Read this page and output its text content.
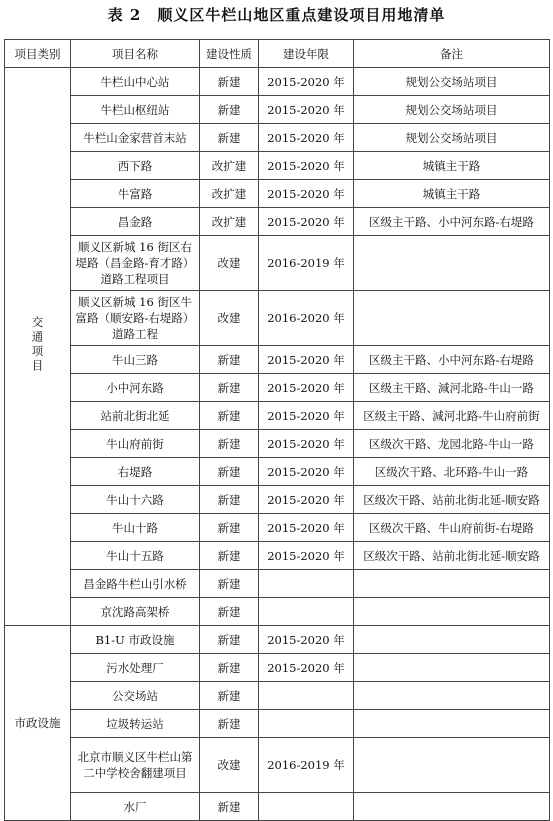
表 2　顺义区牛栏山地区重点建设项目用地清单
项目类别	项目名称	建设性质	建设年限	备注
交通项目	牛栏山中心站	新建	2015-2020 年	规划公交场站项目
	牛栏山枢纽站	新建	2015-2020 年	规划公交场站项目
	牛栏山金家营首末站	新建	2015-2020 年	规划公交场站项目
	西下路	改扩建	2015-2020 年	城镇主干路
	牛富路	改扩建	2015-2020 年	城镇主干路
	昌金路	改扩建	2015-2020 年	区级主干路、小中河东路-右堤路
	顺义区新城 16 街区右堤路（昌金路-育才路）道路工程项目	改建	2016-2019 年	
	顺义区新城 16 街区牛富路（顺安路-右堤路）道路工程	改建	2016-2020 年	
	牛山三路	新建	2015-2020 年	区级主干路、小中河东路-右堤路
	小中河东路	新建	2015-2020 年	区级主干路、減河北路-牛山一路
	站前北街北延	新建	2015-2020 年	区级主干路、減河北路-牛山府前街
	牛山府前街	新建	2015-2020 年	区级次干路、龙园北路-牛山一路
	右堤路	新建	2015-2020 年	区级次干路、北环路-牛山一路
	牛山十六路	新建	2015-2020 年	区级次干路、站前北街北延-顺安路
	牛山十路	新建	2015-2020 年	区级次干路、牛山府前街-右堤路
	牛山十五路	新建	2015-2020 年	区级次干路、站前北街北延-顺安路
	昌金路牛栏山引水桥	新建		
	京沈路高架桥	新建		
市政设施	B1-U 市政设施	新建	2015-2020 年	
	污水处理厂	新建	2015-2020 年	
	公交场站	新建		
	垃圾转运站	新建		
	北京市顺义区牛栏山第二中学校舍翻建项目	改建	2016-2019 年	
	水厂	新建		
